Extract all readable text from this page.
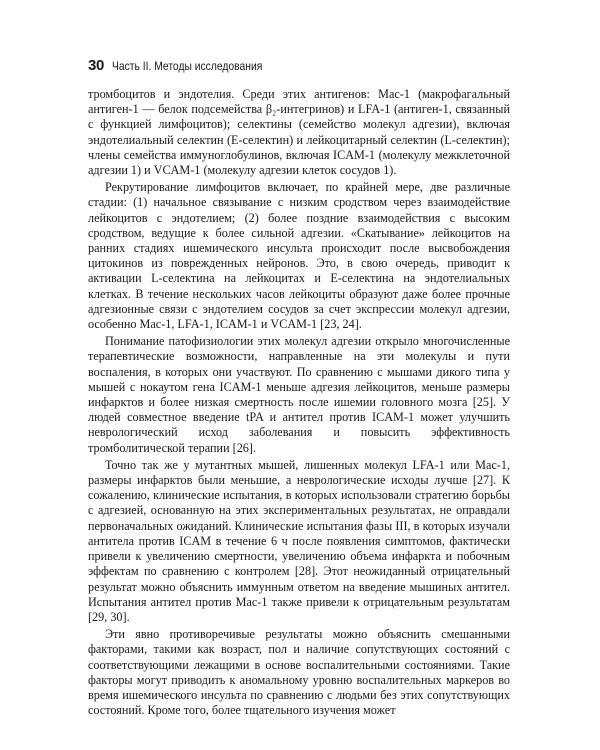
30 Часть II. Методы исследования

тромбоцитов и эндотелия. Среди этих антигенов: Mac-1 (макрофагальный антиген-1 — белок подсемейства β₂-интегринов) и LFA-1 (антиген-1, связанный с функцией лимфоцитов); селектины (семейство молекул адгезии), включая эндотелиальный селектин (E-селектин) и лейкоцитарный селектин (L-селектин); члены семейства иммуноглобулинов, включая ICAM-1 (молекулу межклеточной адгезии 1) и VCAM-1 (молекулу адгезии клеток сосудов 1).

Рекрутирование лимфоцитов включает, по крайней мере, две различные стадии: (1) начальное связывание с низким сродством через взаимодействие лейкоцитов с эндотелием; (2) более поздние взаимодействия с высоким сродством, ведущие к более сильной адгезии. «Скатывание» лейкоцитов на ранних стадиях ишемического инсульта происходит после высвобождения цитокинов из поврежденных нейронов. Это, в свою очередь, приводит к активации L-селектина на лейкоцитах и E-селектина на эндотелиальных клетках. В течение нескольких часов лейкоциты образуют даже более прочные адгезионные связи с эндотелием сосудов за счет экспрессии молекул адгезии, особенно Mac-1, LFA-1, ICAM-1 и VCAM-1 [23, 24].

Понимание патофизиологии этих молекул адгезии открыло многочисленные терапевтические возможности, направленные на эти молекулы и пути воспаления, в которых они участвуют. По сравнению с мышами дикого типа у мышей с нокаутом гена ICAM-1 меньше адгезия лейкоцитов, меньше размеры инфарктов и более низкая смертность после ишемии головного мозга [25]. У людей совместное введение tPA и антител против ICAM-1 может улучшить неврологический исход заболевания и повысить эффективность тромболитической терапии [26].

Точно так же у мутантных мышей, лишенных молекул LFA-1 или Mac-1, размеры инфарктов были меньшие, а неврологические исходы лучше [27]. К сожалению, клинические испытания, в которых использовали стратегию борьбы с адгезией, основанную на этих экспериментальных результатах, не оправдали первоначальных ожиданий. Клинические испытания фазы III, в которых изучали антитела против ICAM в течение 6 ч после появления симптомов, фактически привели к увеличению смертности, увеличению объема инфаркта и побочным эффектам по сравнению с контролем [28]. Этот неожиданный отрицательный результат можно объяснить иммунным ответом на введение мышиных антител. Испытания антител против Mac-1 также привели к отрицательным результатам [29, 30].

Эти явно противоречивые результаты можно объяснить смешанными факторами, такими как возраст, пол и наличие сопутствующих состояний с соответствующими лежащими в основе воспалительными состояниями. Такие факторы могут приводить к аномальному уровню воспалительных маркеров во время ишемического инсульта по сравнению с людьми без этих сопутствующих состояний. Кроме того, более тщательного изучения может
